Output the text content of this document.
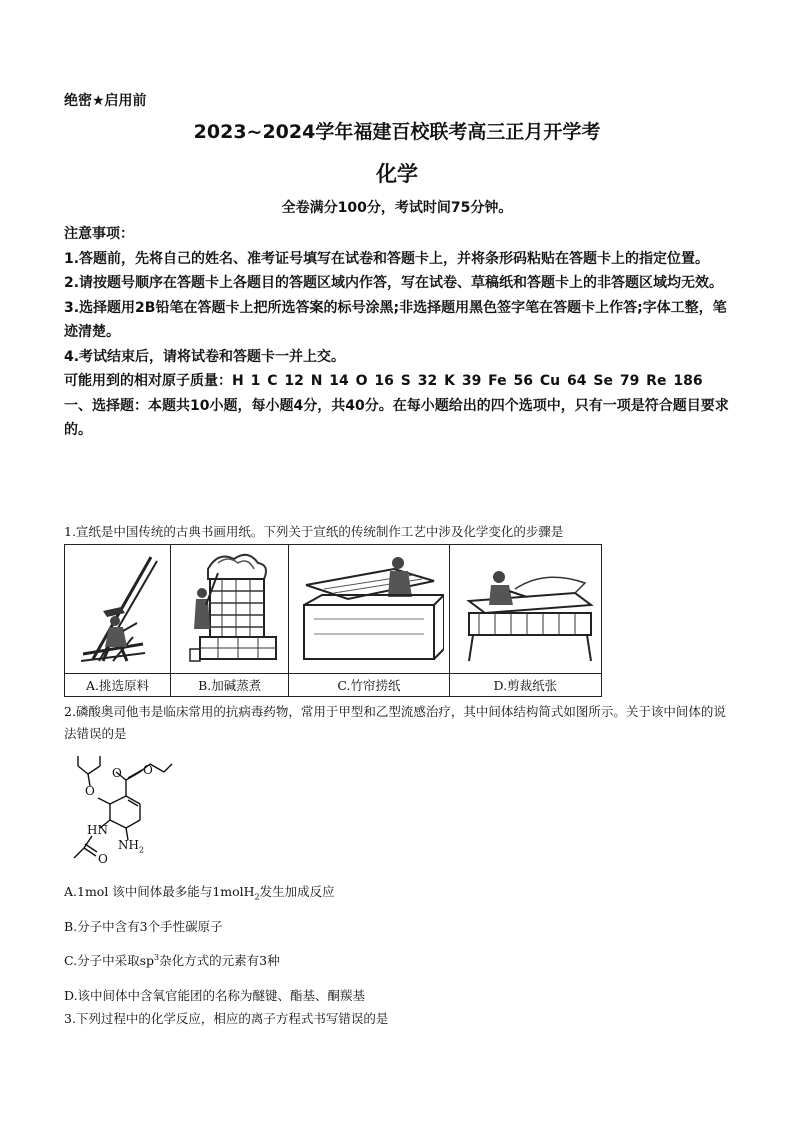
绝密★启用前
2023~2024学年福建百校联考高三正月开学考
化学
全卷满分100分，考试时间75分钟。

注意事项：

1.答题前，先将自己的姓名、准考证号填写在试卷和答题卡上，并将条形码粘贴在答题卡上的指定位置。

2.请按题号顺序在答题卡上各题目的答题区域内作答，写在试卷、草稿纸和答题卡上的非答题区域均无效。

3.选择题用2B铅笔在答题卡上把所选答案的标号涂黑;非选择题用黑色签字笔在答题卡上作答;字体工整，笔迹清楚。

4.考试结束后，请将试卷和答题卡一并上交。

可能用到的相对原子质量：H 1 C 12 N 14 O 16 S 32 K 39 Fe 56 Cu 64 Se 79 Re 186

一、选择题：本题共10小题，每小题4分，共40分。在每小题给出的四个选项中，只有一项是符合题目要求的。

1.宣纸是中国传统的古典书画用纸。下列关于宣纸的传统制作工艺中涉及化学变化的步骤是

A.挑选原料	B.加碱蒸煮	C.竹帘捞纸	D.剪裁纸张
2.磷酸奥司他韦是临床常用的抗病毒药物，常用于甲型和乙型流感治疗，其中间体结构简式如图所示。关于该中间体的说法错误的是
O
O O
O
HN
$NH_2$
A.1mol 该中间体最多能与1molH$_2$发生加成反应
B.分子中含有3个手性碳原子
C.分子中采取$sp^3$杂化方式的元素有3种
D.该中间体中含氧官能团的名称为醚键、酯基、酮羰基
3.下列过程中的化学反应，相应的离子方程式书写错误的是
